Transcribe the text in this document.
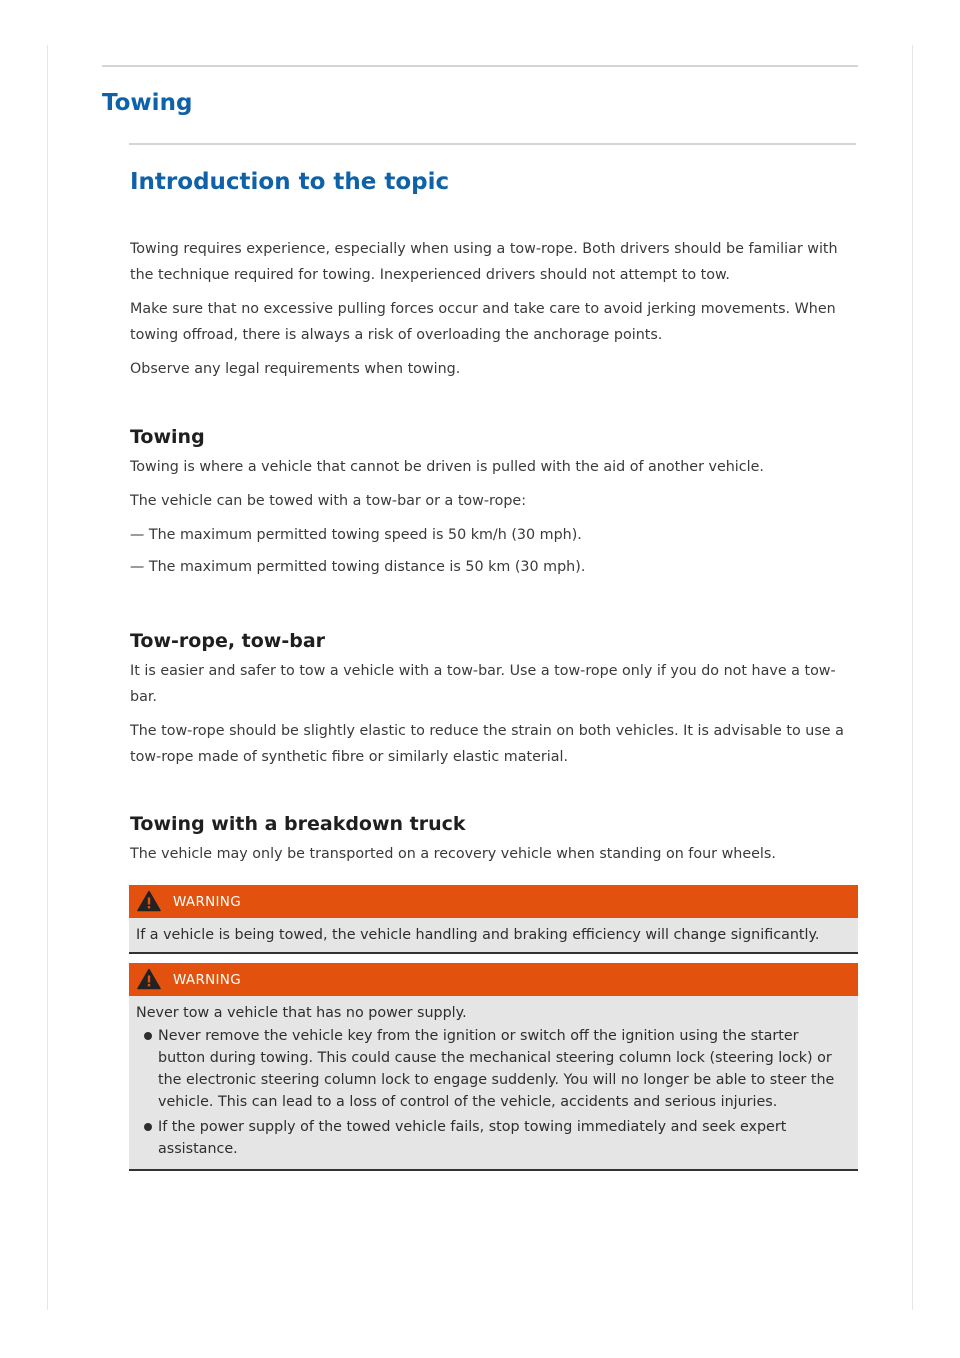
Towing
Introduction to the topic

Towing requires experience, especially when using a tow-rope. Both drivers should be familiar with the technique required for towing. Inexperienced drivers should not attempt to tow.

Make sure that no excessive pulling forces occur and take care to avoid jerking movements. When towing offroad, there is always a risk of overloading the anchorage points.

Observe any legal requirements when towing.

Towing

Towing is where a vehicle that cannot be driven is pulled with the aid of another vehicle.

The vehicle can be towed with a tow-bar or a tow-rope:

— The maximum permitted towing speed is 50 km/h (30 mph).

— The maximum permitted towing distance is 50 km (30 mph).

Tow-rope, tow-bar

It is easier and safer to tow a vehicle with a tow-bar. Use a tow-rope only if you do not have a tow-bar.

The tow-rope should be slightly elastic to reduce the strain on both vehicles. It is advisable to use a tow-rope made of synthetic fibre or similarly elastic material.

Towing with a breakdown truck

The vehicle may only be transported on a recovery vehicle when standing on four wheels.

WARNING
If a vehicle is being towed, the vehicle handling and braking efficiency will change significantly.
WARNING
Never tow a vehicle that has no power supply.
Never remove the vehicle key from the ignition or switch off the ignition using the starter button during towing. This could cause the mechanical steering column lock (steering lock) or the electronic steering column lock to engage suddenly. You will no longer be able to steer the vehicle. This can lead to a loss of control of the vehicle, accidents and serious injuries.
If the power supply of the towed vehicle fails, stop towing immediately and seek expert assistance.
